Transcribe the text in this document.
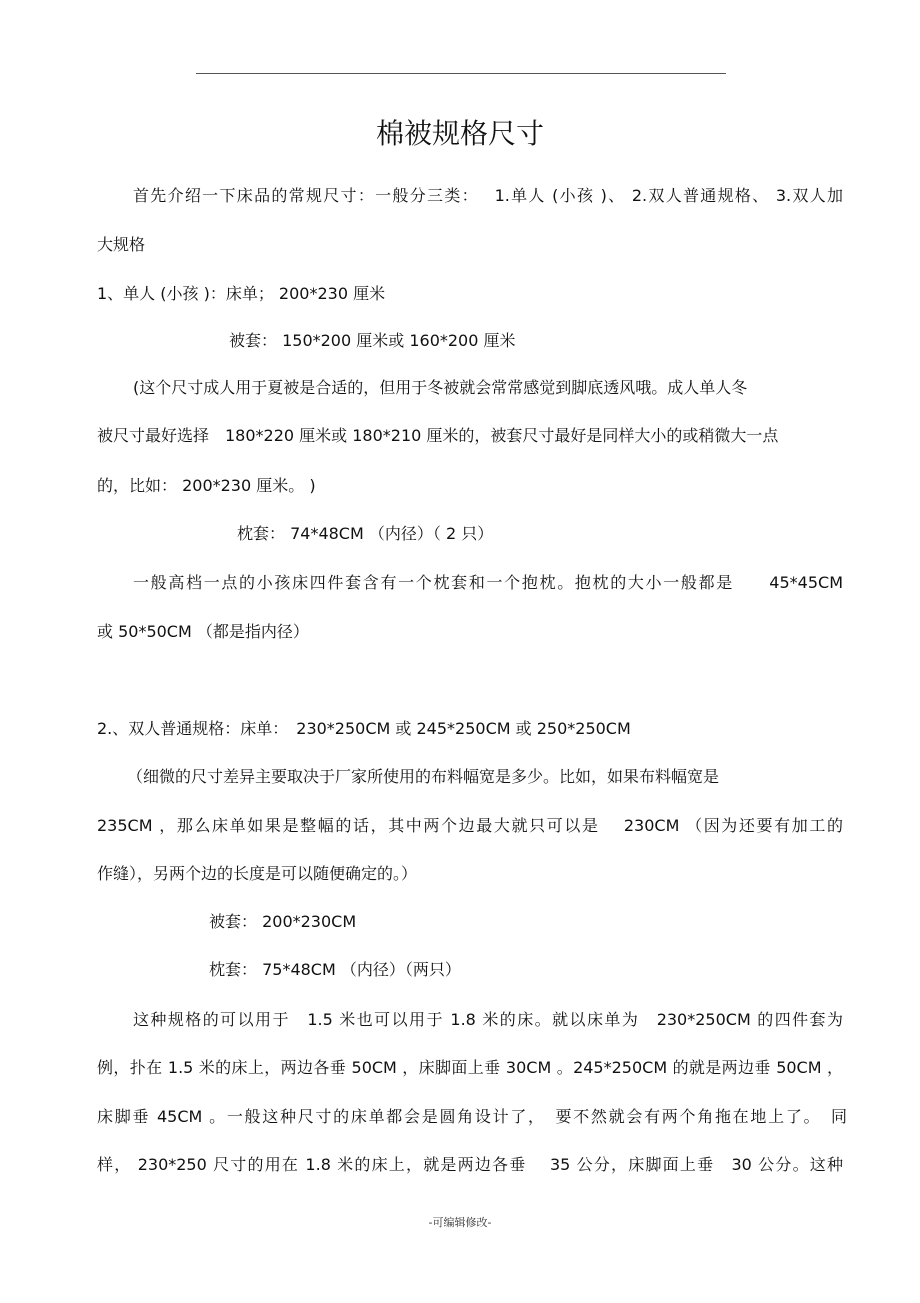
棉被规格尺寸
首先介绍一下床品的常规尺寸：一般分三类：　 1.单人 (小孩 )、 2.双人普通规格、 3.双人加
大规格
1、单人 (小孩 )：床单； 200*230 厘米
被套： 150*200 厘米或 160*200 厘米
(这个尺寸成人用于夏被是合适的，但用于冬被就会常常感觉到脚底透风哦。成人单人冬
被尺寸最好选择　180*220 厘米或 180*210 厘米的，被套尺寸最好是同样大小的或稍微大一点
的，比如： 200*230 厘米。 )
枕套： 74*48CM （内径）（ 2 只）
一般高档一点的小孩床四件套含有一个枕套和一个抱枕。抱枕的大小一般都是　　45*45CM
或 50*50CM （都是指内径）
2.、双人普通规格：床单：　230*250CM 或 245*250CM 或 250*250CM
（细微的尺寸差异主要取决于厂家所使用的布料幅宽是多少。比如，如果布料幅宽是
235CM ，那么床单如果是整幅的话，其中两个边最大就只可以是　 230CM （因为还要有加工的
作缝），另两个边的长度是可以随便确定的。）
被套： 200*230CM
枕套： 75*48CM （内径）（两只）
这种规格的可以用于　1.5 米也可以用于 1.8 米的床。就以床单为　230*250CM 的四件套为
例，扑在 1.5 米的床上，两边各垂 50CM ，床脚面上垂 30CM 。245*250CM 的就是两边垂 50CM ，
床脚垂 45CM 。一般这种尺寸的床单都会是圆角设计了，　要不然就会有两个角拖在地上了。　同
样， 230*250 尺寸的用在 1.8 米的床上，就是两边各垂　 35 公分，床脚面上垂　30 公分。这种
-可编辑修改-
